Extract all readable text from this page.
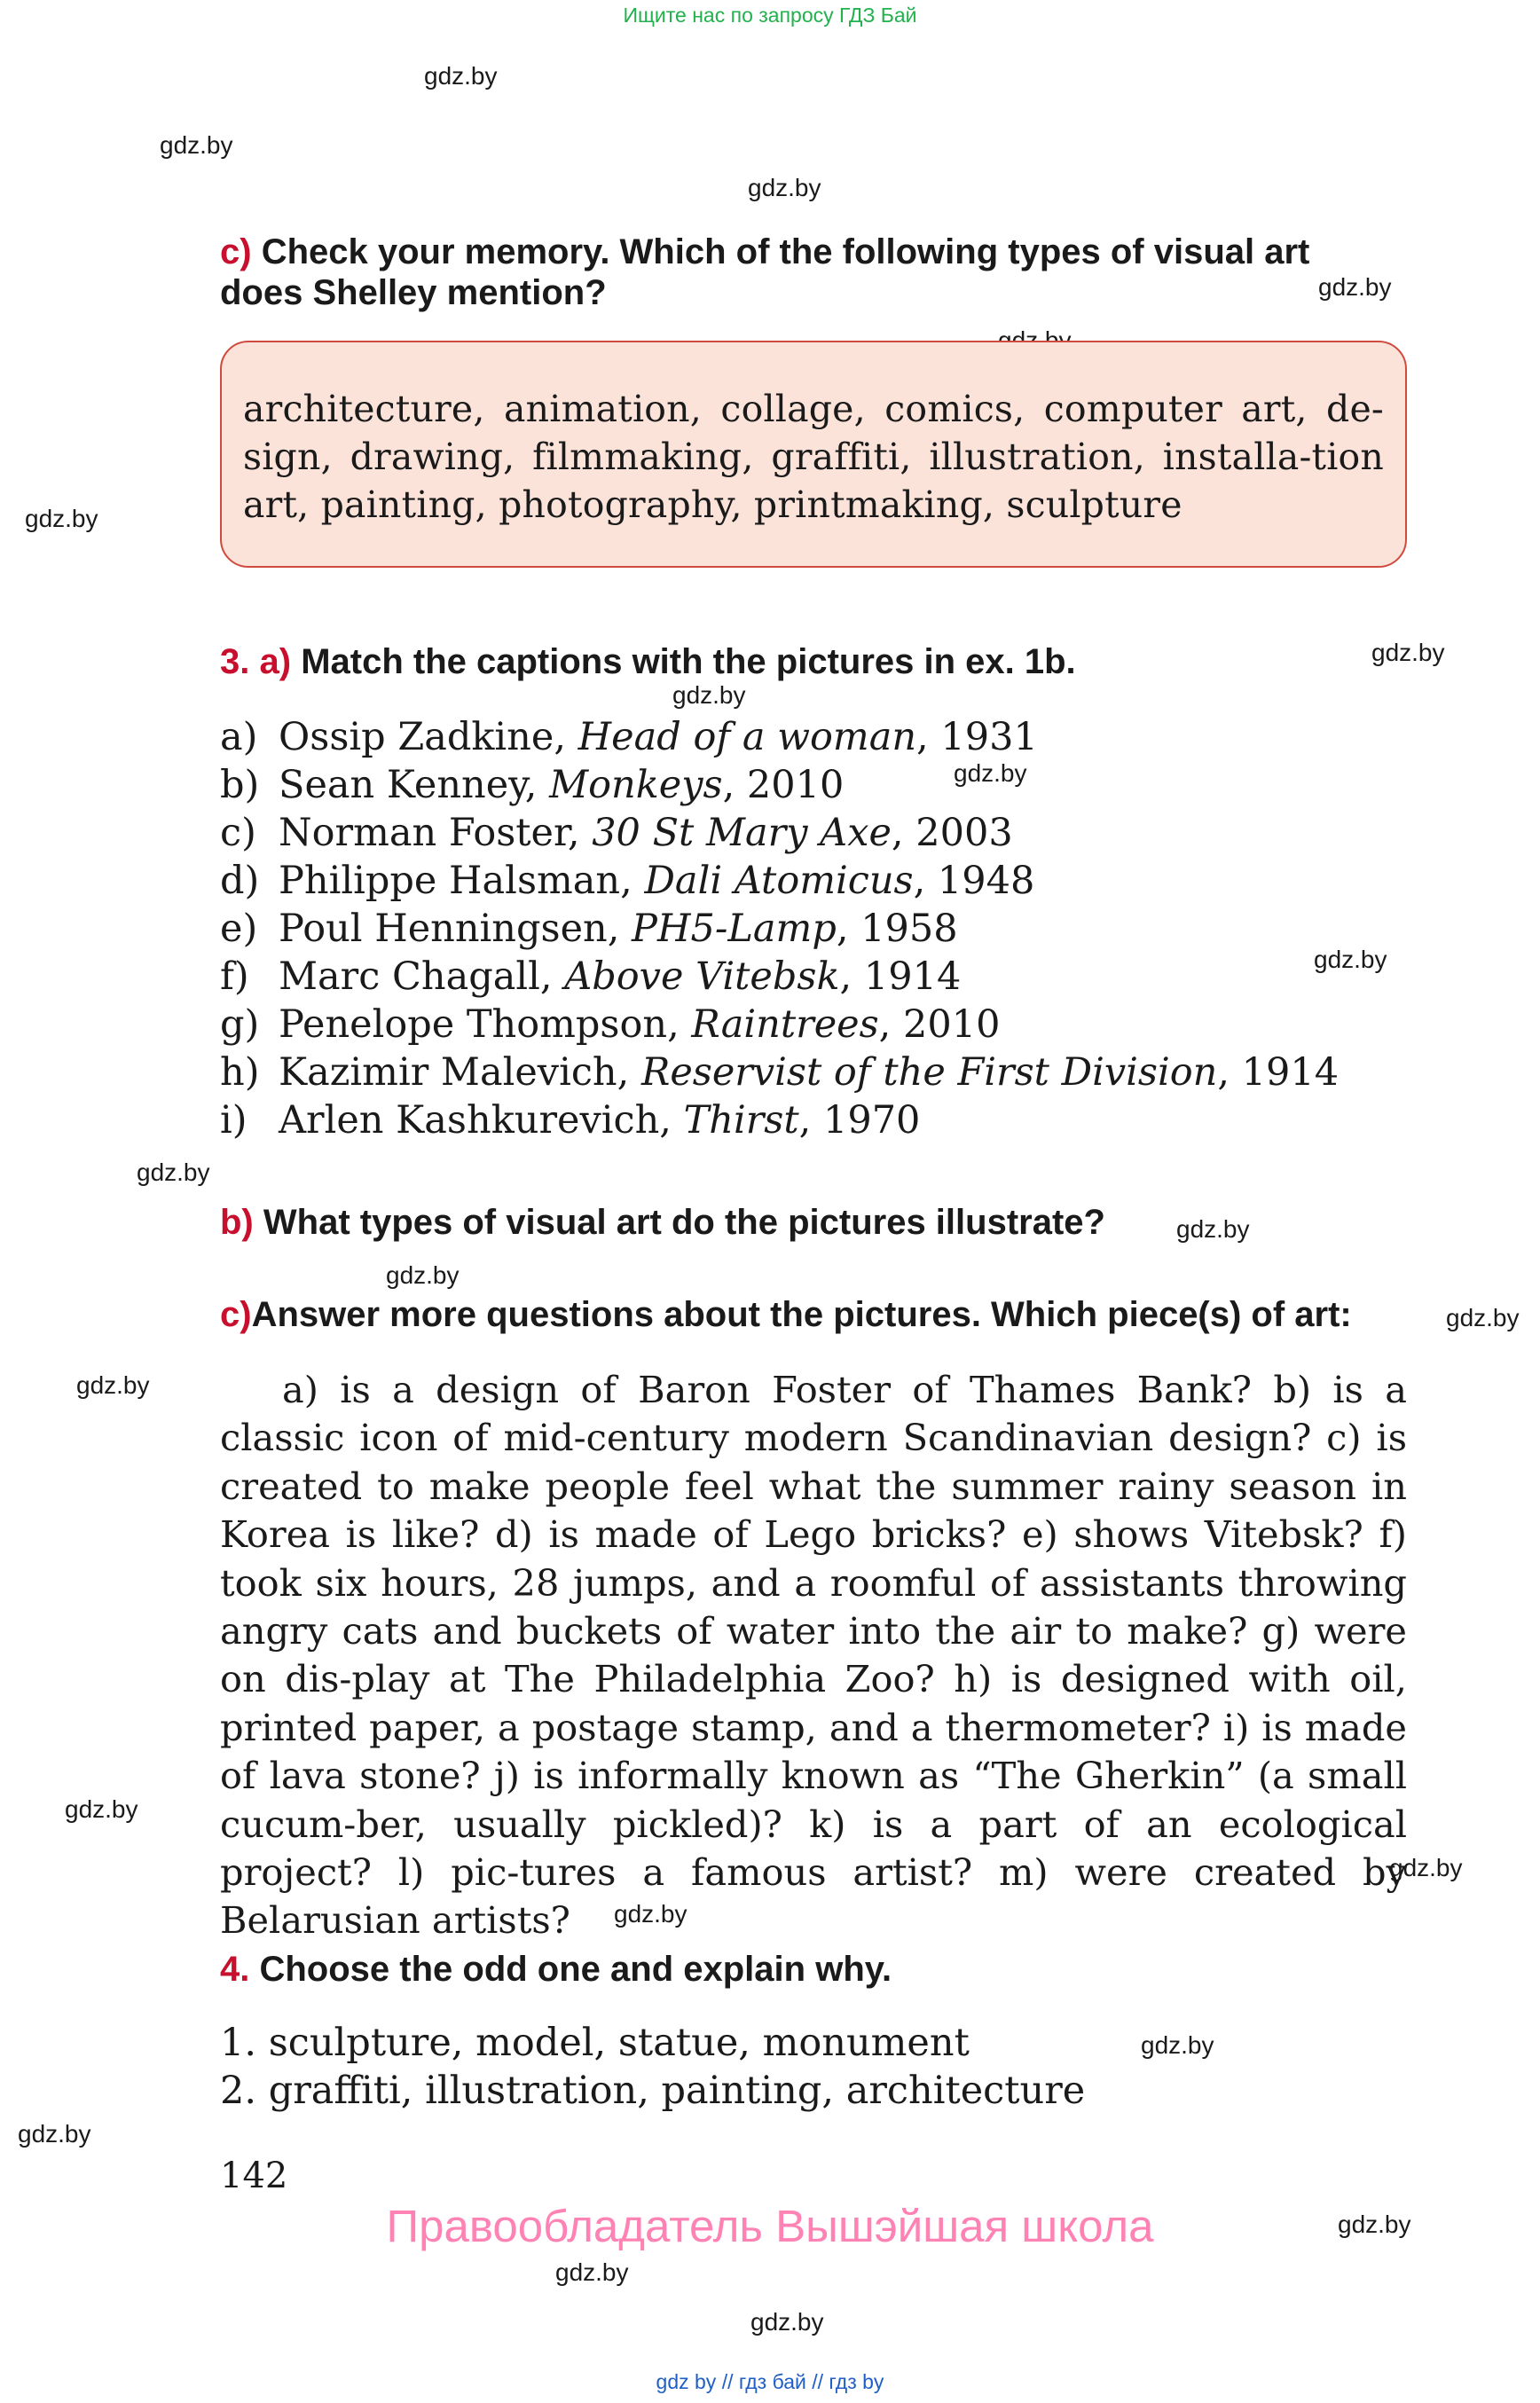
Ищите нас по запросу ГДЗ Бай
gdz.by
gdz.by
gdz.by
gdz.by
gdz.by
gdz.by
gdz.by
gdz.by
gdz.by
gdz.by
gdz.by
gdz.by
gdz.by
gdz.by
gdz.by
gdz.by
gdz.by
gdz.by
gdz.by
gdz.by
gdz.by
gdz.by
c) Check your memory. Which of the following types of visual art
does Shelley mention?
architecture, animation, collage, comics, computer art, de-sign, drawing, filmmaking, graffiti, illustration, installa-tion art, painting, photography, printmaking, sculpture
3. a) Match the captions with the pictures in ex. 1b.
a) Ossip Zadkine, Head of a woman, 1931
b) Sean Kenney, Monkeys, 2010
c) Norman Foster, 30 St Mary Axe, 2003
d) Philippe Halsman, Dali Atomicus, 1948
e) Poul Henningsen, PH5-Lamp, 1958
f) Marc Chagall, Above Vitebsk, 1914
g) Penelope Thompson, Raintrees, 2010
h) Kazimir Malevich, Reservist of the First Division, 1914
i) Arlen Kashkurevich, Thirst, 1970
b) What types of visual art do the pictures illustrate?
c)Answer more questions about the pictures. Which piece(s) of art:
a) is a design of Baron Foster of Thames Bank? b) is a classic icon of mid-century modern Scandinavian design? c) is created to make people feel what the summer rainy season in Korea is like? d) is made of Lego bricks? e) shows Vitebsk? f) took six hours, 28 jumps, and a roomful of assistants throwing angry cats and buckets of water into the air to make? g) were on dis-play at The Philadelphia Zoo? h) is designed with oil, printed paper, a postage stamp, and a thermometer? i) is made of lava stone? j) is informally known as “The Gherkin” (a small cucum-ber, usually pickled)? k) is a part of an ecological project? l) pic-tures a famous artist? m) were created by Belarusian artists?
4. Choose the odd one and explain why.
1. sculpture, model, statue, monument
2. graffiti, illustration, painting, architecture
142
Правообладатель Вышэйшая школа
gdz by // гдз бай // гдз by
